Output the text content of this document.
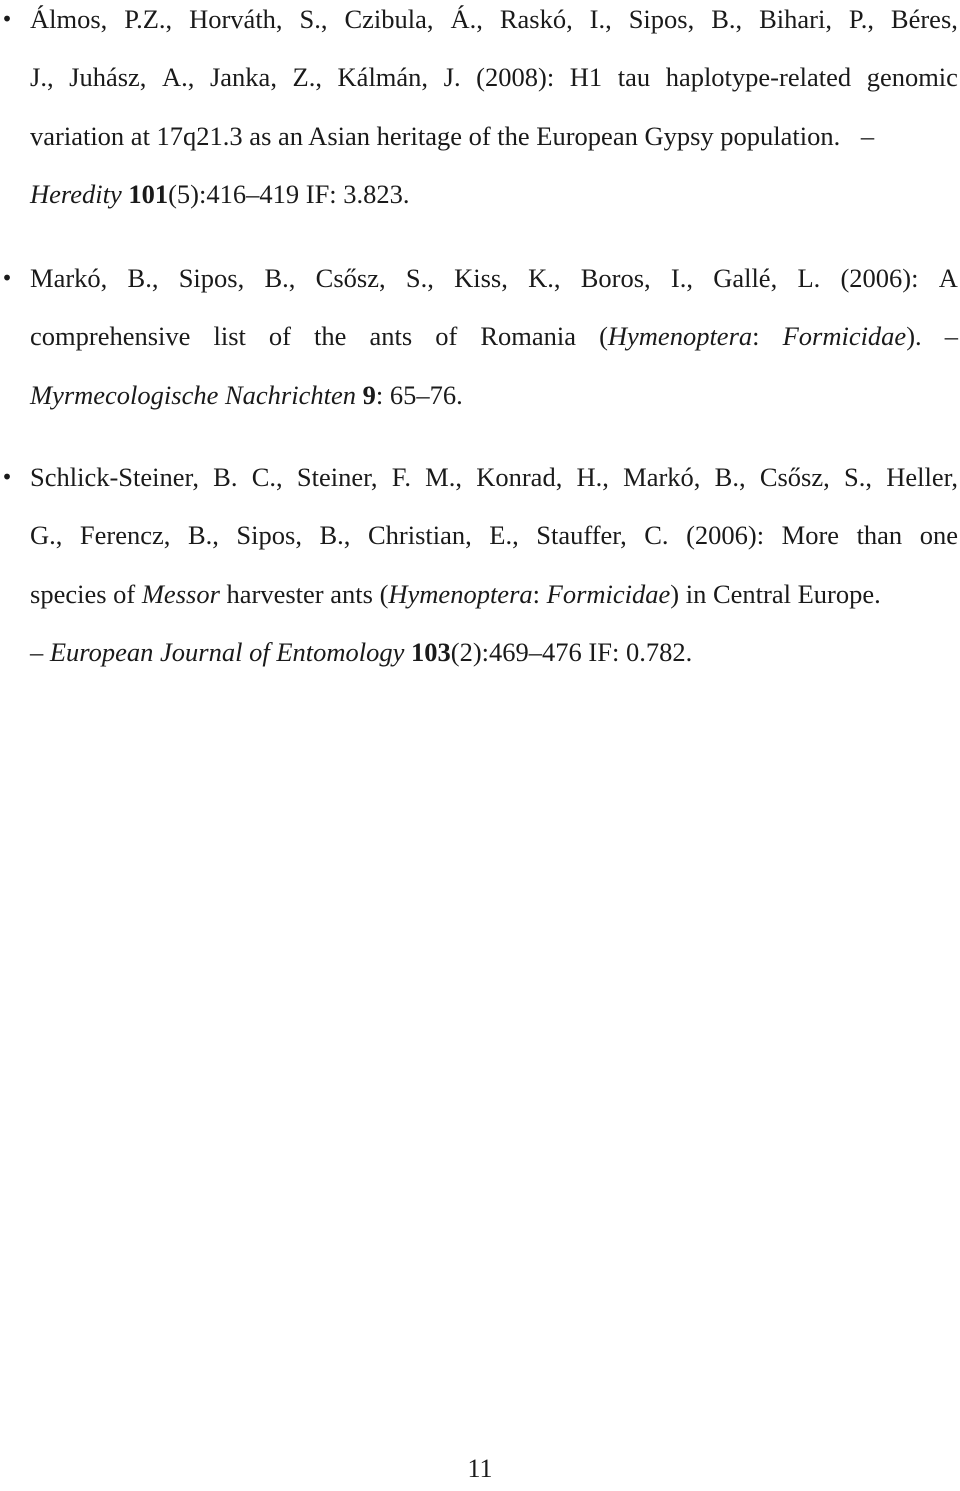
• Álmos, P.Z., Horváth, S., Czibula, Á., Raskó, I., Sipos, B., Bihari, P., Béres,
J., Juhász, A., Janka, Z., Kálmán, J. (2008): H1 tau haplotype-related genomic
variation at 17q21.3 as an Asian heritage of the European Gypsy population. –
Heredity 101(5):416–419 IF: 3.823.
• Markó, B., Sipos, B., Csősz, S., Kiss, K., Boros, I., Gallé, L. (2006): A
comprehensive list of the ants of Romania (Hymenoptera: Formicidae). –
Myrmecologische Nachrichten 9: 65–76.
• Schlick-Steiner, B. C., Steiner, F. M., Konrad, H., Markó, B., Csősz, S., Heller,
G., Ferencz, B., Sipos, B., Christian, E., Stauffer, C. (2006): More than one
species of Messor harvester ants (Hymenoptera: Formicidae) in Central Europe.
– European Journal of Entomology 103(2):469–476 IF: 0.782.
11
